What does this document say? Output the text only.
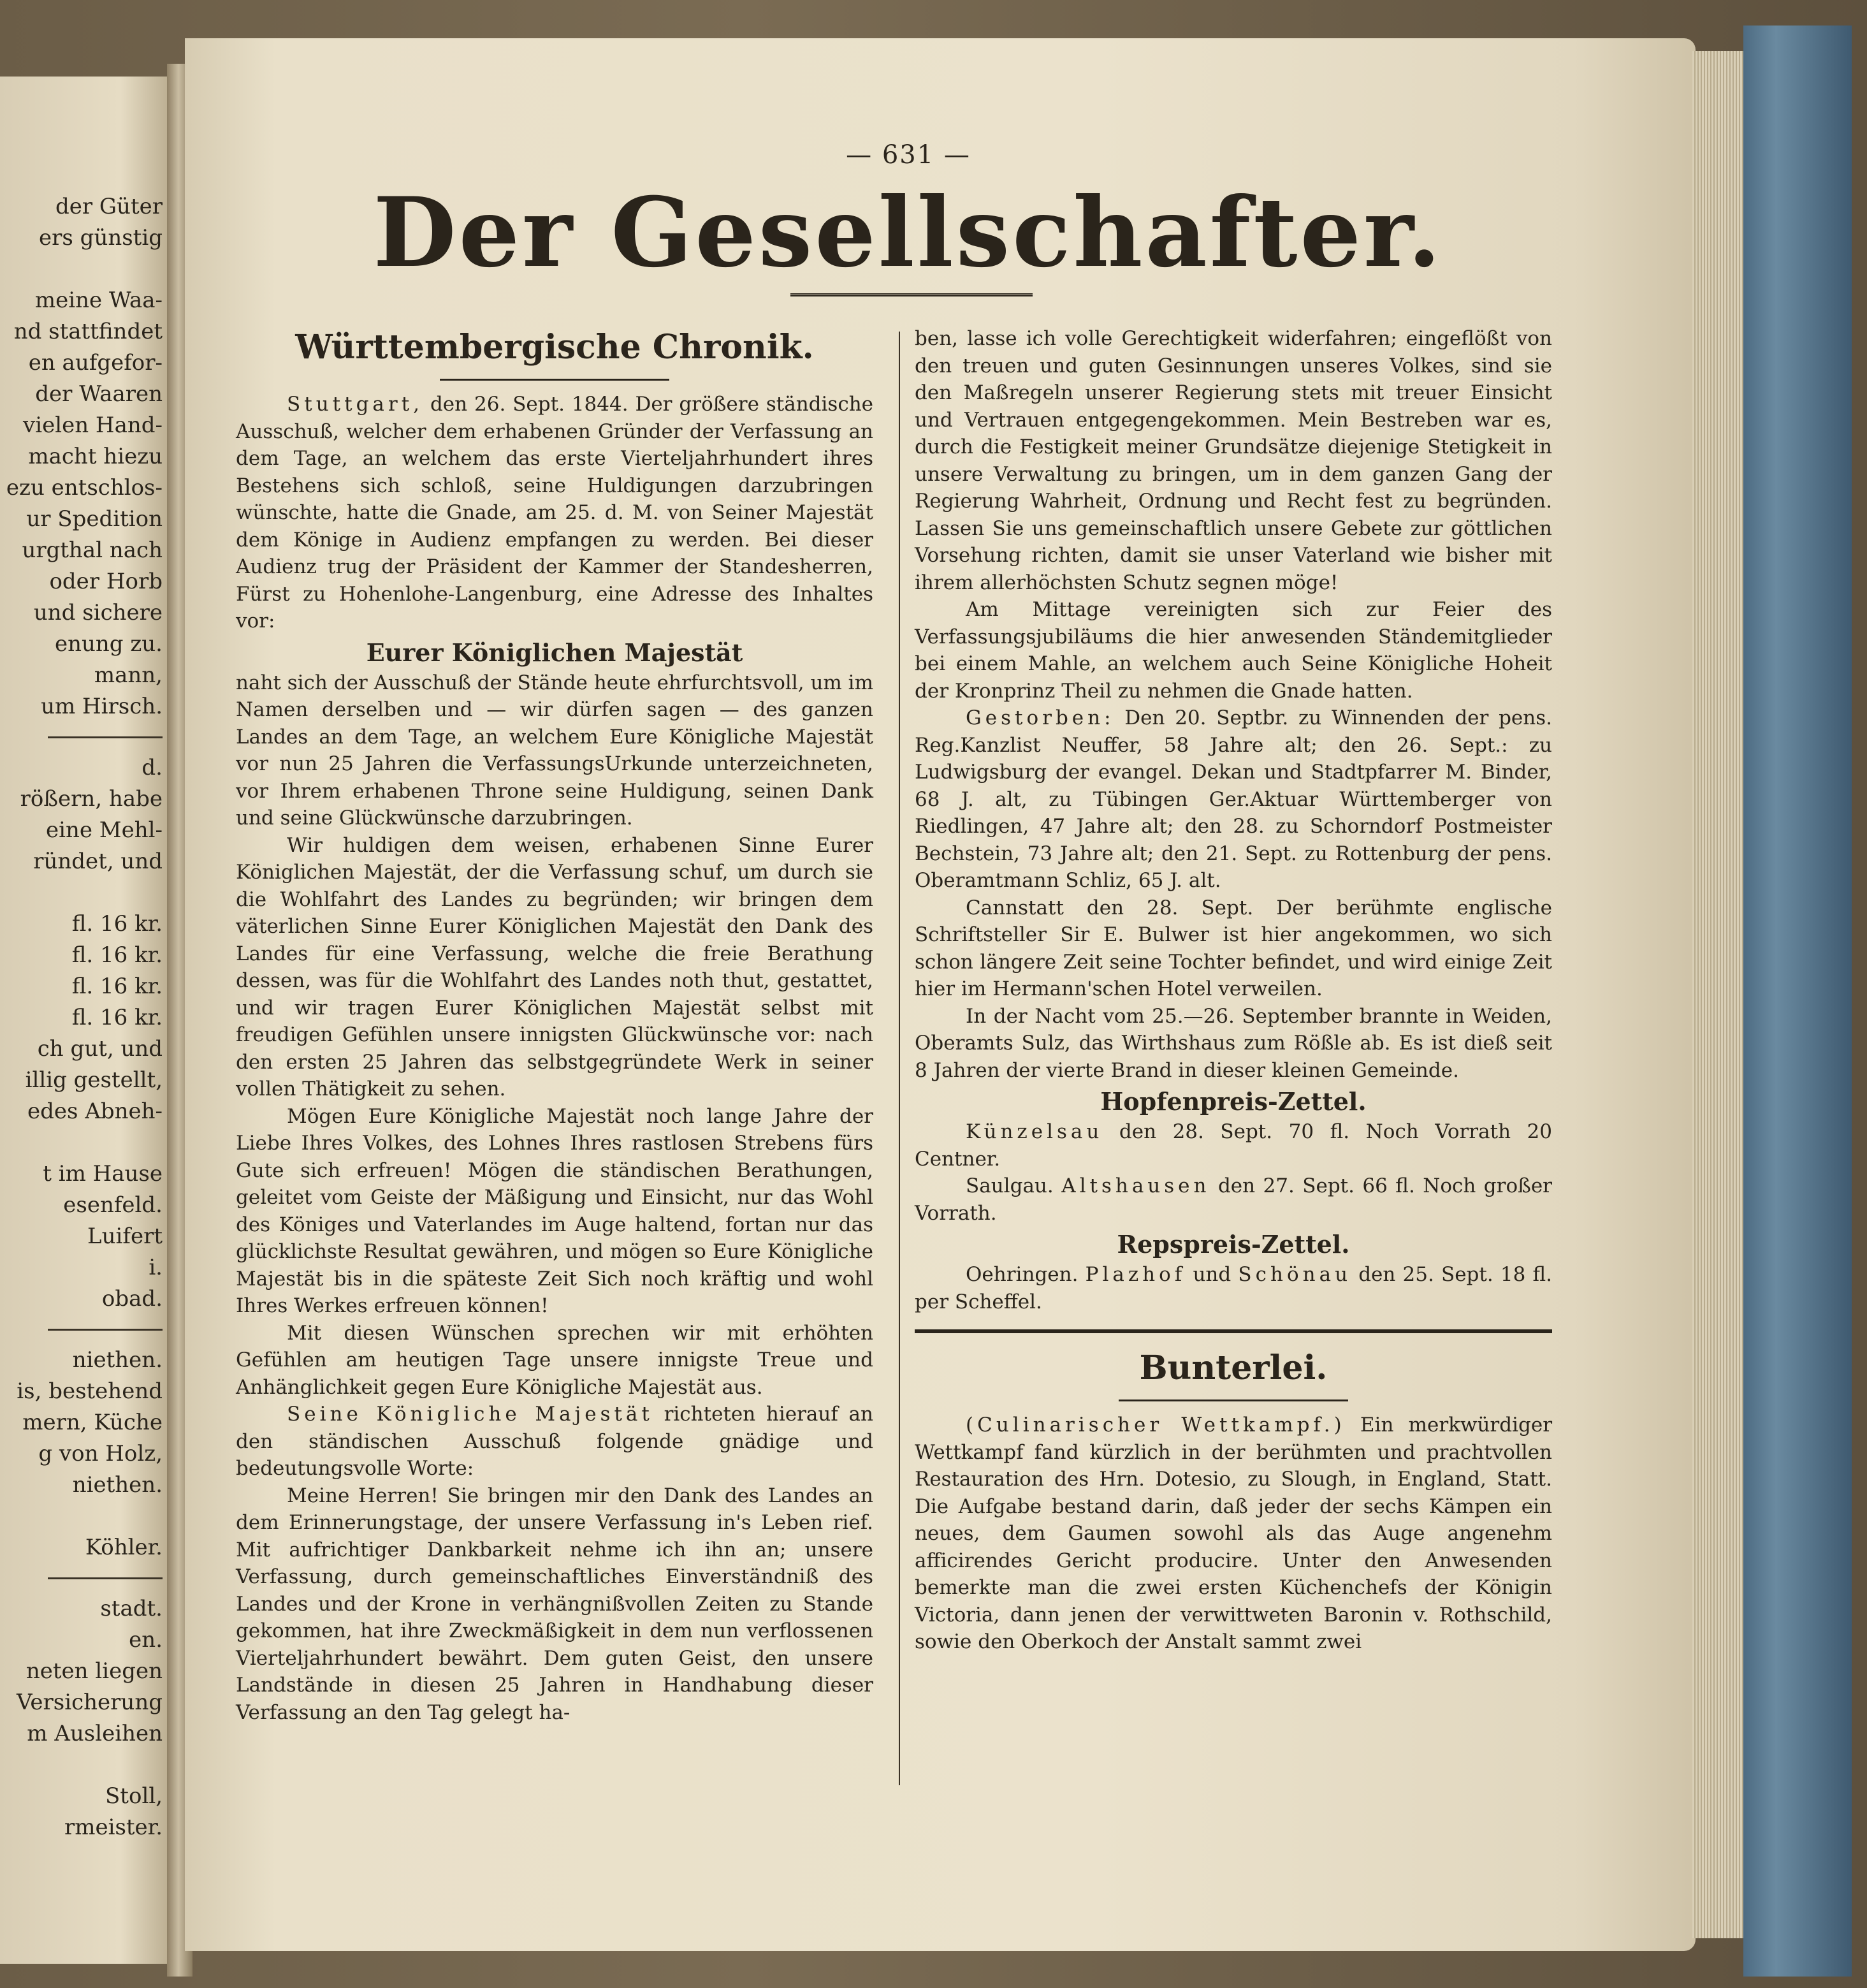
der Güter
ers günstig

meine Waa-
nd stattfindet
en aufgefor-
der Waaren
vielen Hand-
macht hiezu
ezu entschlos-
ur Spedition
urgthal nach
oder Horb
und sichere
enung zu.
mann,
um Hirsch.
d.
rößern, habe
eine Mehl-
ründet, und

fl. 16 kr.
fl. 16 kr.
fl. 16 kr.
fl. 16 kr.
ch gut, und
illig gestellt,
edes Abneh-

t im Hause
esenfeld.
Luifert
i.
obad.
niethen.
is, bestehend
mern, Küche
g von Holz,
niethen.

Köhler.
stadt.
en.
neten liegen
Versicherung
m Ausleihen

Stoll,
rmeister.
— 631 —
Der Gesellschafter.
Württembergische Chronik.

Stuttgart, den 26. Sept. 1844. Der größere ständische Ausschuß, welcher dem erhabenen Gründer der Verfassung an dem Tage, an welchem das erste Vierteljahrhundert ihres Bestehens sich schloß, seine Huldigungen darzubringen wünschte, hatte die Gnade, am 25. d. M. von Seiner Majestät dem Könige in Audienz empfangen zu werden. Bei dieser Audienz trug der Präsident der Kammer der Standesherren, Fürst zu Hohenlohe-Langenburg, eine Adresse des Inhaltes vor:

Eurer Königlichen Majestät

naht sich der Ausschuß der Stände heute ehrfurchtsvoll, um im Namen derselben und — wir dürfen sagen — des ganzen Landes an dem Tage, an welchem Eure Königliche Majestät vor nun 25 Jahren die VerfassungsUrkunde unterzeichneten, vor Ihrem erhabenen Throne seine Huldigung, seinen Dank und seine Glückwünsche darzubringen.

Wir huldigen dem weisen, erhabenen Sinne Eurer Königlichen Majestät, der die Verfassung schuf, um durch sie die Wohlfahrt des Landes zu begründen; wir bringen dem väterlichen Sinne Eurer Königlichen Majestät den Dank des Landes für eine Verfassung, welche die freie Berathung dessen, was für die Wohlfahrt des Landes noth thut, gestattet, und wir tragen Eurer Königlichen Majestät selbst mit freudigen Gefühlen unsere innigsten Glückwünsche vor: nach den ersten 25 Jahren das selbstgegründete Werk in seiner vollen Thätigkeit zu sehen.

Mögen Eure Königliche Majestät noch lange Jahre der Liebe Ihres Volkes, des Lohnes Ihres rastlosen Strebens fürs Gute sich erfreuen! Mögen die ständischen Berathungen, geleitet vom Geiste der Mäßigung und Einsicht, nur das Wohl des Königes und Vaterlandes im Auge haltend, fortan nur das glücklichste Resultat gewähren, und mögen so Eure Königliche Majestät bis in die späteste Zeit Sich noch kräftig und wohl Ihres Werkes erfreuen können!

Mit diesen Wünschen sprechen wir mit erhöhten Gefühlen am heutigen Tage unsere innigste Treue und Anhänglichkeit gegen Eure Königliche Majestät aus.

Seine Königliche Majestät richteten hierauf an den ständischen Ausschuß folgende gnädige und bedeutungsvolle Worte:

Meine Herren! Sie bringen mir den Dank des Landes an dem Erinnerungstage, der unsere Verfassung in's Leben rief. Mit aufrichtiger Dankbarkeit nehme ich ihn an; unsere Verfassung, durch gemeinschaftliches Einverständniß des Landes und der Krone in verhängnißvollen Zeiten zu Stande gekommen, hat ihre Zweckmäßigkeit in dem nun verflossenen Vierteljahrhundert bewährt. Dem guten Geist, den unsere Landstände in diesen 25 Jahren in Handhabung dieser Verfassung an den Tag gelegt ha-

ben, lasse ich volle Gerechtigkeit widerfahren; eingeflößt von den treuen und guten Gesinnungen unseres Volkes, sind sie den Maßregeln unserer Regierung stets mit treuer Einsicht und Vertrauen entgegengekommen. Mein Bestreben war es, durch die Festigkeit meiner Grundsätze diejenige Stetigkeit in unsere Verwaltung zu bringen, um in dem ganzen Gang der Regierung Wahrheit, Ordnung und Recht fest zu begründen. Lassen Sie uns gemeinschaftlich unsere Gebete zur göttlichen Vorsehung richten, damit sie unser Vaterland wie bisher mit ihrem allerhöchsten Schutz segnen möge!

Am Mittage vereinigten sich zur Feier des Verfassungsjubiläums die hier anwesenden Ständemitglieder bei einem Mahle, an welchem auch Seine Königliche Hoheit der Kronprinz Theil zu nehmen die Gnade hatten.

Gestorben: Den 20. Septbr. zu Winnenden der pens. Reg.Kanzlist Neuffer, 58 Jahre alt; den 26. Sept.: zu Ludwigsburg der evangel. Dekan und Stadtpfarrer M. Binder, 68 J. alt, zu Tübingen Ger.Aktuar Württemberger von Riedlingen, 47 Jahre alt; den 28. zu Schorndorf Postmeister Bechstein, 73 Jahre alt; den 21. Sept. zu Rottenburg der pens. Oberamtmann Schliz, 65 J. alt.

Cannstatt den 28. Sept. Der berühmte englische Schriftsteller Sir E. Bulwer ist hier angekommen, wo sich schon längere Zeit seine Tochter befindet, und wird einige Zeit hier im Hermann'schen Hotel verweilen.

In der Nacht vom 25.—26. September brannte in Weiden, Oberamts Sulz, das Wirthshaus zum Rößle ab. Es ist dieß seit 8 Jahren der vierte Brand in dieser kleinen Gemeinde.

Hopfenpreis-Zettel.

Künzelsau den 28. Sept. 70 fl. Noch Vorrath 20 Centner.

Saulgau. Altshausen den 27. Sept. 66 fl. Noch großer Vorrath.

Repspreis-Zettel.

Oehringen. Plazhof und Schönau den 25. Sept. 18 fl. per Scheffel.

Bunterlei.

(Culinarischer Wettkampf.) Ein merkwürdiger Wettkampf fand kürzlich in der berühmten und prachtvollen Restauration des Hrn. Dotesio, zu Slough, in England, Statt. Die Aufgabe bestand darin, daß jeder der sechs Kämpen ein neues, dem Gaumen sowohl als das Auge angenehm afficirendes Gericht producire. Unter den Anwesenden bemerkte man die zwei ersten Küchenchefs der Königin Victoria, dann jenen der verwittweten Baronin v. Rothschild, sowie den Oberkoch der Anstalt sammt zwei
